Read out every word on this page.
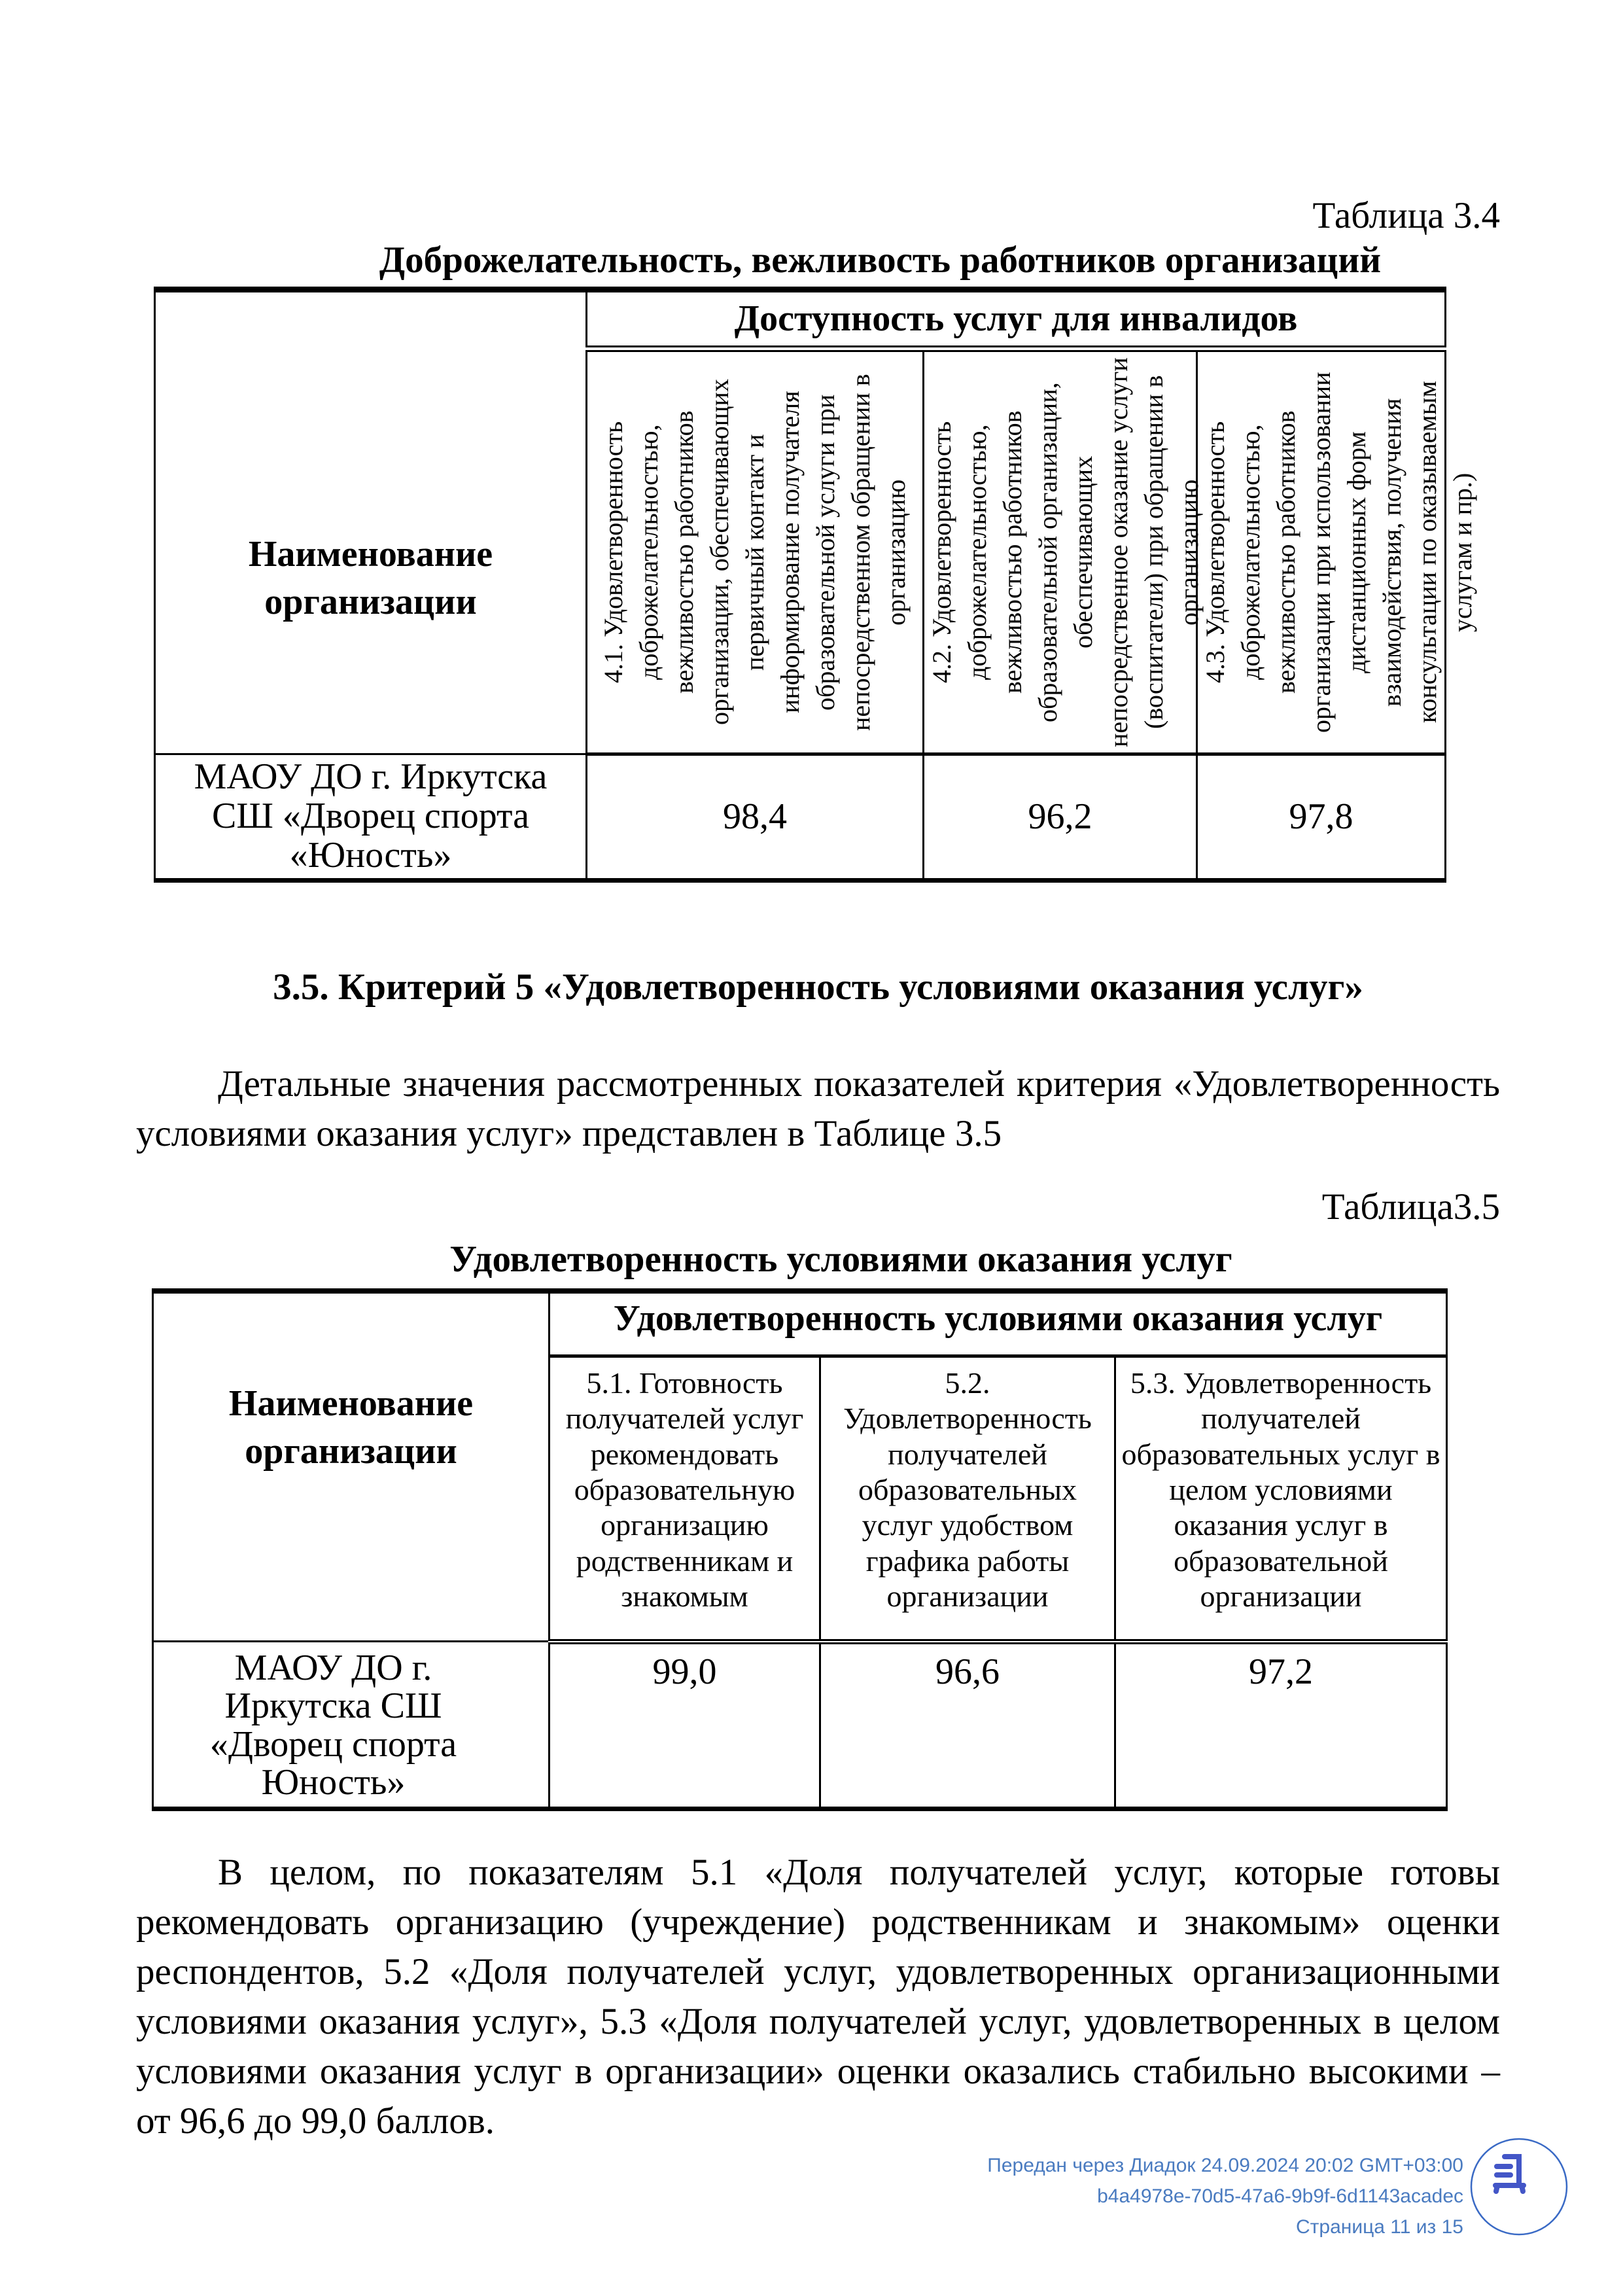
Таблица 3.4
Доброжелательность, вежливость работников организаций
Наименование организации	Доступность услуг для инвалидов		

	4.1. Удовлетворенность доброжелательностью, вежливостью работников организации, обеспечивающих первичный контакт и информирование получателя образовательной услуги при непосредственном обращении в организацию	4.2. Удовлетворенность доброжелательностью, вежливостью работников образовательной организации, обеспечивающих непосредственное оказание услуги (воспитатели) при обращении в организацию	4.3. Удовлетворенность доброжелательностью, вежливостью работников организации при использовании дистанционных форм взаимодействия, получения консультации по оказываемым услугам и пр.)

МАОУ ДО г. Иркутска СШ «Дворец спорта «Юность»	98,4	96,2	97,8
3.5. Критерий 5 «Удовлетворенность условиями оказания услуг»
Детальные значения рассмотренных показателей критерия «Удовлетворенность условиями оказания услуг» представлен в Таблице 3.5
Таблица3.5
Удовлетворенность условиями оказания услуг
Наименование организации	Удовлетворенность условиями оказания услуг		
	5.1. Готовность получателей услуг рекомендовать образовательную организацию родственникам и знакомым	5.2. Удовлетворенность получателей образовательных услуг удобством графика работы организации	5.3. Удовлетворенность получателей образовательных услуг в целом условиями оказания услуг в образовательной организации
МАОУ ДО г. Иркутска СШ «Дворец спорта Юность»	99,0	96,6	97,2
В целом, по показателям 5.1 «Доля получателей услуг, которые готовы рекомендовать организацию (учреждение) родственникам и знакомым» оценки респондентов, 5.2 «Доля получателей услуг, удовлетворенных организационными условиями оказания услуг», 5.3 «Доля получателей услуг, удовлетворенных в целом условиями оказания услуг в организации» оценки оказались стабильно высокими – от 96,6 до 99,0 баллов.
Передан через Диадок 24.09.2024 20:02 GMT+03:00
b4a4978e-70d5-47a6-9b9f-6d1143acadec
Страница 11 из 15
